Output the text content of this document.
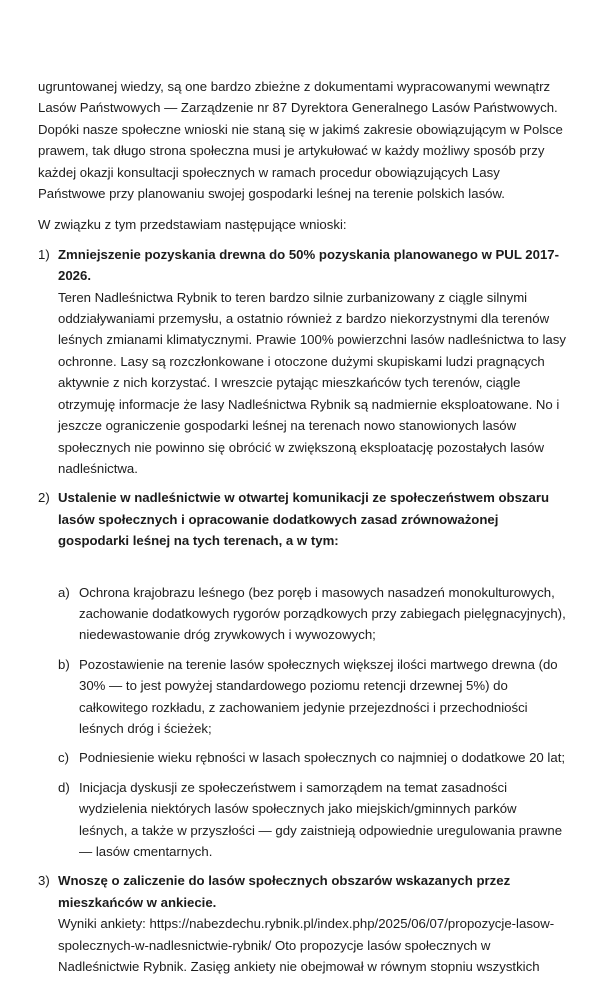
ugruntowanej wiedzy, są one bardzo zbieżne z dokumentami wypracowanymi wewnątrz Lasów Państwowych — Zarządzenie nr 87 Dyrektora Generalnego Lasów Państwowych. Dopóki nasze społeczne wnioski nie staną się w jakimś zakresie obowiązującym w Polsce prawem, tak długo strona społeczna musi je artykułować w każdy możliwy sposób przy każdej okazji konsultacji społecznych w ramach procedur obowiązujących Lasy Państwowe przy planowaniu swojej gospodarki leśnej na terenie polskich lasów.

W związku z tym przedstawiam następujące wnioski:

1) Zmniejszenie pozyskania drewna do 50% pozyskania planowanego w PUL 2017-2026.

Teren Nadleśnictwa Rybnik to teren bardzo silnie zurbanizowany z ciągle silnymi oddziaływaniami przemysłu, a ostatnio również z bardzo niekorzystnymi dla terenów leśnych zmianami klimatycznymi. Prawie 100% powierzchni lasów nadleśnictwa to lasy ochronne. Lasy są rozczłonkowane i otoczone dużymi skupiskami ludzi pragnących aktywnie z nich korzystać. I wreszcie pytając mieszkańców tych terenów, ciągle otrzymuję informacje że lasy Nadleśnictwa Rybnik są nadmiernie eksploatowane. No i jeszcze ograniczenie gospodarki leśnej na terenach nowo stanowionych lasów społecznych nie powinno się obrócić w zwiększoną eksploatację pozostałych lasów nadleśnictwa.

2) Ustalenie w nadleśnictwie w otwartej komunikacji ze społeczeństwem obszaru lasów społecznych i opracowanie dodatkowych zasad zrównoważonej gospodarki leśnej na tych terenach, a w tym:

a) Ochrona krajobrazu leśnego (bez poręb i masowych nasadzeń monokulturowych, zachowanie dodatkowych rygorów porządkowych przy zabiegach pielęgnacyjnych), niedewastowanie dróg zrywkowych i wywozowych;

b) Pozostawienie na terenie lasów społecznych większej ilości martwego drewna (do 30% — to jest powyżej standardowego poziomu retencji drzewnej 5%) do całkowitego rozkładu, z zachowaniem jedynie przejezdności i przechodniości leśnych dróg i ścieżek;

c) Podniesienie wieku rębności w lasach społecznych co najmniej o dodatkowe 20 lat;

d) Inicjacja dyskusji ze społeczeństwem i samorządem na temat zasadności wydzielenia niektórych lasów społecznych jako miejskich/gminnych parków leśnych, a także w przyszłości — gdy zaistnieją odpowiednie uregulowania prawne — lasów cmentarnych.

3) Wnoszę o zaliczenie do lasów społecznych obszarów wskazanych przez mieszkańców w ankiecie.

Wyniki ankiety: https://nabezdechu.rybnik.pl/index.php/2025/06/07/propozycje-lasow-spolecznych-w-nadlesnictwie-rybnik/ Oto propozycje lasów społecznych w Nadleśnictwie Rybnik. Zasięg ankiety nie obejmował w równym stopniu wszystkich
